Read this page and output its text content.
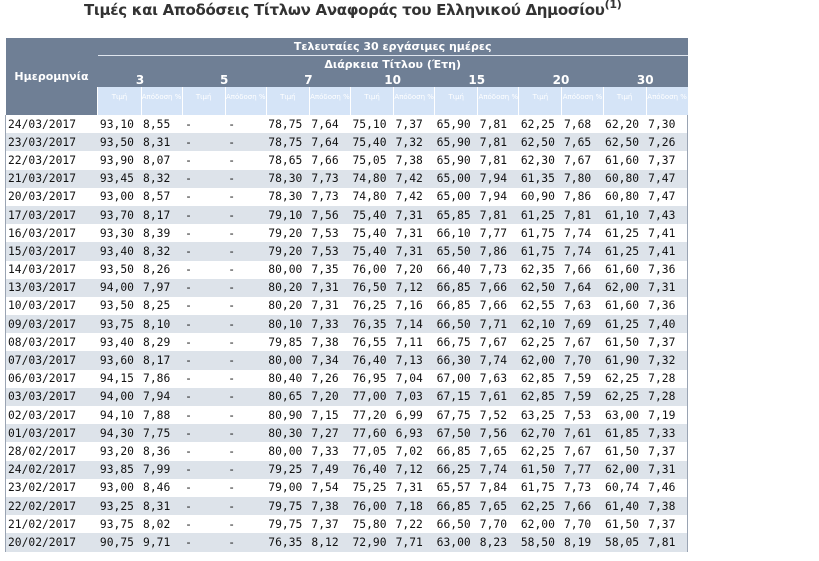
Τιμές και Αποδόσεις Τίτλων Αναφοράς του Ελληνικού Δημοσίου$^{(1)}$
Ημερομηνία	Τελευταίες 30 εργάσιμες ημέρες													
	Διάρκεια Τίτλου (Έτη)													
	3		5		7		10		15		20		30	

	Τιμή	Απόδοση %	Τιμή	Απόδοση %	Τιμή	Απόδοση %	Τιμή	Απόδοση %	Τιμή	Απόδοση %	Τιμή	Απόδοση %	Τιμή	Απόδοση %

24/03/2017	93,10	8,55	-	-	78,75	7,64	75,10	7,37	65,90	7,81	62,25	7,68	62,20	7,30
23/03/2017	93,50	8,31	-	-	78,75	7,64	75,40	7,32	65,90	7,81	62,50	7,65	62,50	7,26
22/03/2017	93,90	8,07	-	-	78,65	7,66	75,05	7,38	65,90	7,81	62,30	7,67	61,60	7,37
21/03/2017	93,45	8,32	-	-	78,30	7,73	74,80	7,42	65,00	7,94	61,35	7,80	60,80	7,47
20/03/2017	93,00	8,57	-	-	78,30	7,73	74,80	7,42	65,00	7,94	60,90	7,86	60,80	7,47
17/03/2017	93,70	8,17	-	-	79,10	7,56	75,40	7,31	65,85	7,81	61,25	7,81	61,10	7,43
16/03/2017	93,30	8,39	-	-	79,20	7,53	75,40	7,31	66,10	7,77	61,75	7,74	61,25	7,41
15/03/2017	93,40	8,32	-	-	79,20	7,53	75,40	7,31	65,50	7,86	61,75	7,74	61,25	7,41
14/03/2017	93,50	8,26	-	-	80,00	7,35	76,00	7,20	66,40	7,73	62,35	7,66	61,60	7,36
13/03/2017	94,00	7,97	-	-	80,20	7,31	76,50	7,12	66,85	7,66	62,50	7,64	62,00	7,31
10/03/2017	93,50	8,25	-	-	80,20	7,31	76,25	7,16	66,85	7,66	62,55	7,63	61,60	7,36
09/03/2017	93,75	8,10	-	-	80,10	7,33	76,35	7,14	66,50	7,71	62,10	7,69	61,25	7,40
08/03/2017	93,40	8,29	-	-	79,85	7,38	76,55	7,11	66,75	7,67	62,25	7,67	61,50	7,37
07/03/2017	93,60	8,17	-	-	80,00	7,34	76,40	7,13	66,30	7,74	62,00	7,70	61,90	7,32
06/03/2017	94,15	7,86	-	-	80,40	7,26	76,95	7,04	67,00	7,63	62,85	7,59	62,25	7,28
03/03/2017	94,00	7,94	-	-	80,65	7,20	77,00	7,03	67,15	7,61	62,85	7,59	62,25	7,28
02/03/2017	94,10	7,88	-	-	80,90	7,15	77,20	6,99	67,75	7,52	63,25	7,53	63,00	7,19
01/03/2017	94,30	7,75	-	-	80,30	7,27	77,60	6,93	67,50	7,56	62,70	7,61	61,85	7,33
28/02/2017	93,20	8,36	-	-	80,00	7,33	77,05	7,02	66,85	7,65	62,25	7,67	61,50	7,37
24/02/2017	93,85	7,99	-	-	79,25	7,49	76,40	7,12	66,25	7,74	61,50	7,77	62,00	7,31
23/02/2017	93,00	8,46	-	-	79,00	7,54	75,25	7,31	65,57	7,84	61,75	7,73	60,74	7,46
22/02/2017	93,25	8,31	-	-	79,75	7,38	76,00	7,18	66,85	7,65	62,25	7,66	61,40	7,38
21/02/2017	93,75	8,02	-	-	79,75	7,37	75,80	7,22	66,50	7,70	62,00	7,70	61,50	7,37
20/02/2017	90,75	9,71	-	-	76,35	8,12	72,90	7,71	63,00	8,23	58,50	8,19	58,05	7,81
